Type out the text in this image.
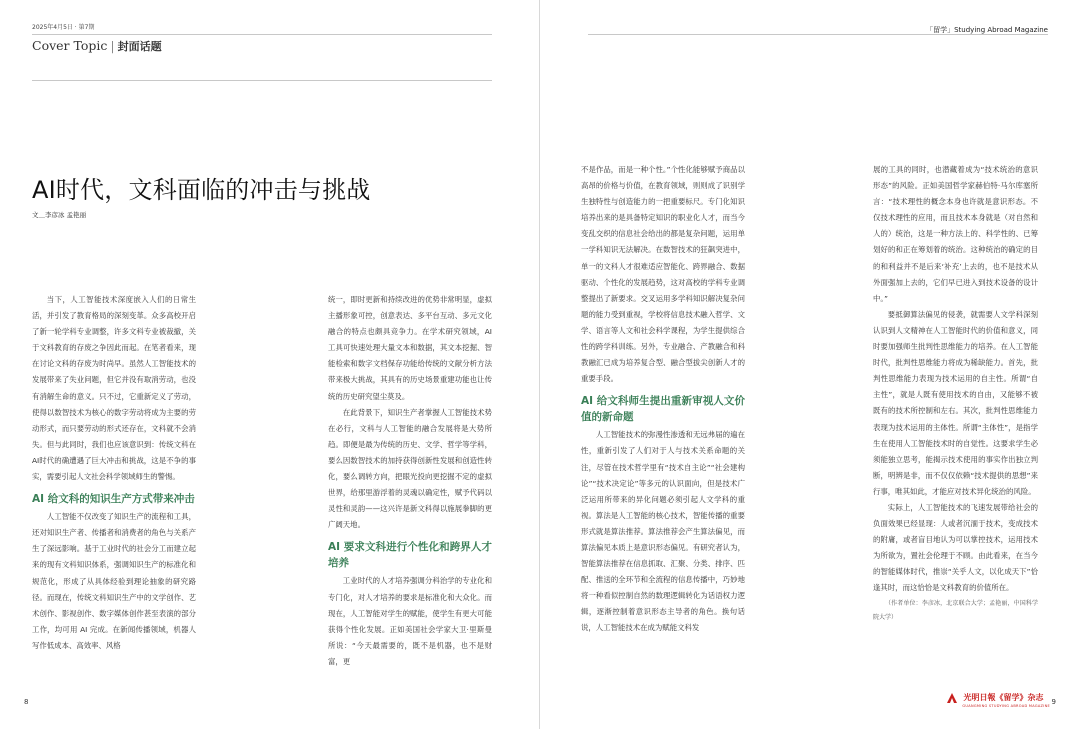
2025年4月5日 · 第7期
Cover Topic | 封面话题
AI时代，文科面临的冲击与挑战
文＿李彦冰 孟艳丽

当下，人工智能技术深度嵌入人们的日常生活，并引发了教育格局的深刻变革。众多高校开启了新一轮学科专业调整，许多文科专业被裁撤，关于文科教育的存废之争因此而起。在笔者看来，现在讨论文科的存废为时尚早。虽然人工智能技术的发展带来了失业问题，但它并没有取消劳动，也没有消解生命的意义。只不过，它重新定义了劳动，使得以数智技术为核心的数字劳动将成为主要的劳动形式，而只要劳动的形式还存在，文科就不会消失。但与此同时，我们也应该意识到：传统文科在 AI时代的确遭遇了巨大冲击和挑战，这是不争的事实，需要引起人文社会科学领域师生的警惕。

AI 给文科的知识生产方式带来冲击

人工智能不仅改变了知识生产的流程和工具，还对知识生产者、传播者和消费者的角色与关系产生了深远影响。基于工业时代的社会分工而建立起来的现有文科知识体系，强调知识生产的标准化和规范化，形成了从具体经验到理论抽象的研究路径。而现在，传统文科知识生产中的文学创作、艺术创作、影视创作、数字媒体创作甚至表演的部分工作，均可用 AI 完成。在新闻传播领域，机器人写作低成本、高效率、风格

统一，即时更新和持续改进的优势非常明显，虚拟主播形象可控，创意表达、多平台互动、多元文化融合的特点也颇具竞争力。在学术研究领域，AI 工具可快速处理大量文本和数据，其文本挖掘、智能检索和数字文档保存功能给传统的文献分析方法带来极大挑战，其具有的历史场景重建功能也让传统的历史研究望尘莫及。

在此背景下，知识生产者掌握人工智能技术势在必行，文科与人工智能的融合发展将是大势所趋。即便是最为传统的历史、文学、哲学等学科，要么因数智技术的加持获得创新性发展和创造性转化，要么调转方向，把眼光投向更挖掘不定的虚拟世界，给那里游浮着的灵魂以确定性，赋予代码以灵性和灵韵——这兴许是新文科得以施展拳脚的更广阔天地。

AI 要求文科进行个性化和跨界人才培养

工业时代的人才培养强调分科治学的专业化和专门化，对人才培养的要求是标准化和大众化。而现在，人工智能对学生的赋能，使学生有更大可能获得个性化发展。正如美国社会学家大卫·里斯曼所说：“今天最需要的，既不是机器，也不是财富，更

8
「留学」Studying Abroad Magazine

不是作品，而是一种个性。”个性化能够赋予商品以高昂的价格与价值，在教育领域，则则成了识别学生独特性与创造能力的一把重要标尺。专门化知识培养出来的是具备特定知识的职业化人才，而当今变乱交织的信息社会给出的都是复杂问题，运用单一学科知识无法解决。在数智技术的狂飙突进中，单一的文科人才很难适应智能化、跨界融合、数据驱动、个性化的发展趋势，这对高校的学科专业调整提出了新要求。交叉运用多学科知识解决复杂问题的能力受到重视，学校将信息技术融入哲学、文学、语言等人文和社会科学课程，为学生提供综合性的跨学科训练。另外，专业融合、产教融合和科教融汇已成为培养复合型、融合型拔尖创新人才的重要手段。

AI 给文科师生提出重新审视人文价值的新命题

人工智能技术的弥漫性渗透和无远弗届的遍在性，重新引发了人们对于人与技术关系命题的关注，尽管在技术哲学里有“技术自主论”“社会建构论”“技术决定论”等多元的认识面向，但是技术广泛运用所带来的异化问题必须引起人文学科的重视。算法是人工智能的核心技术，智能传播的重要形式就是算法推荐。算法推荐会产生算法偏见，而算法偏见本质上是意识形态偏见。有研究者认为，智能算法推荐在信息抓取、汇聚、分类、排序、匹配、推送的全环节和全流程的信息传播中，巧妙地将一种看似控制自然的数理逻辑转化为话语权力逻辑，逐渐控制着意识形态主导者的角色。换句话说，人工智能技术在成为赋能文科发

展的工具的同时，也潜藏着成为“技术统治的意识形态”的风险。正如美国哲学家赫伯特·马尔库塞所言：“技术理性的概念本身也许就是意识形态。不仅技术理性的应用，而且技术本身就是（对自然和人的）统治，这是一种方法上的、科学性的、已筹划好的和正在筹划着的统治。这种统治的确定的目的和利益并不是后来‘补充’上去的，也不是技术从外面强加上去的，它们早已进入到技术设备的设计中。”

要抵御算法偏见的侵袭，就需要人文学科深刻认识到人文精神在人工智能时代的价值和意义，同时要加强师生批判性思维能力的培养。在人工智能时代，批判性思维能力将成为稀缺能力。首先，批判性思维能力表现为技术运用的自主性。所谓“自主性”，就是人既有使用技术的自由，又能够不被既有的技术所控制和左右。其次，批判性思维能力表现为技术运用的主体性。所谓“主体性”，是指学生在使用人工智能技术时的自觉性。这要求学生必须能独立思考，能揭示技术使用的事实作出独立判断，明辨是非，而不仅仅依赖“技术提供的思想”来行事，唯其如此，才能应对技术异化统治的风险。

实际上，人工智能技术的飞速发展带给社会的负面效果已经显现：人或者沉湎于技术，变成技术的附庸，或者盲目地认为可以掌控技术，运用技术为所欲为，置社会伦理于不顾。由此看来，在当今的智能媒体时代，推崇“关乎人文，以化成天下”恰逢其时，而这恰恰是文科教育的价值所在。

（作者单位：李彦冰，北京联合大学；孟艳丽，中国科学院大学）

光明日報《留学》杂志
GUANGMING STUDYING ABROAD MAGAZINE 9
